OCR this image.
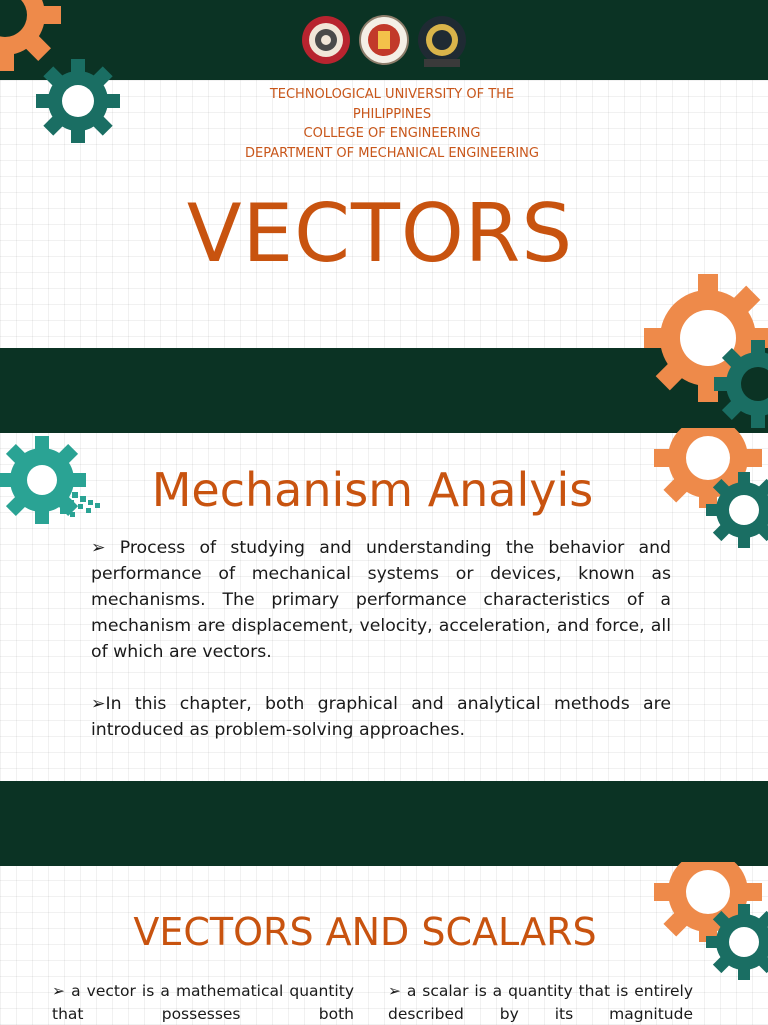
TECHNOLOGICAL UNIVERSITY OF THE
PHILIPPINES
COLLEGE OF ENGINEERING
DEPARTMENT OF MECHANICAL ENGINEERING
VECTORS
Mechanism Analyis
➢ Process of studying and understanding the behavior and performance of mechanical systems or devices, known as mechanisms. The primary performance characteristics of a mechanism are displacement, velocity, acceleration, and force, all of which are vectors.
➢In this chapter, both graphical and analytical methods are introduced as problem-solving approaches.
VECTORS AND SCALARS
➢ a vector is a mathematical quantity that possesses both
➢ a scalar is a quantity that is entirely described by its magnitude
